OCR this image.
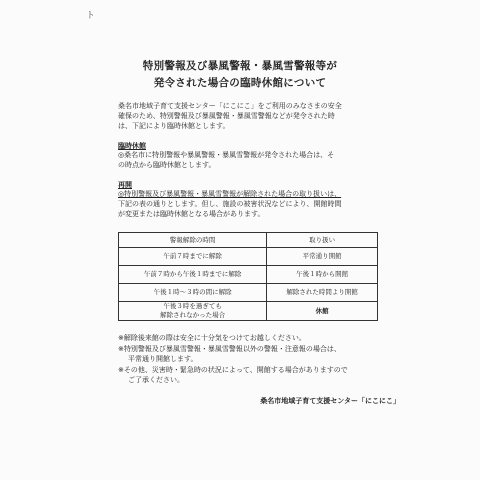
ト
特別警報及び暴風警報・暴風雪警報等が
発令された場合の臨時休館について

桑名市地域子育て支援センター「にこにこ」をご利用のみなさまの安全

確保のため、特別警報及び暴風警報・暴風雪警報などが発令された時

は、下記により臨時休館とします。

臨時休館

◎桑名市に特別警報や暴風警報・暴風雪警報が発令された場合は、そ

の時点から臨時休館とします。

再開

◎特別警報及び暴風警報・暴風雪警報が解除された場合の取り扱いは、

下記の表の通りとします。但し、施設の被害状況などにより、開館時間

が変更または臨時休館となる場合があります。

警報解除の時間	取り扱い
午前７時までに解除	平常通り開館
午前７時から午後１時までに解除	午後１時から開館
午後１時～３時の間に解除	解除された時間より開館
午後３時を過ぎても
解除されなかった場合	休館

※解除後来館の際は安全に十分気をつけてお越しください。

※特別警報及び暴風雪警報・暴風雪警報以外の警報・注意報の場合は、

平常通り開館します。

※その他、災害時・緊急時の状況によって、開館する場合がありますので

ご了承ください。

桑名市地域子育て支援センター「にこにこ」
